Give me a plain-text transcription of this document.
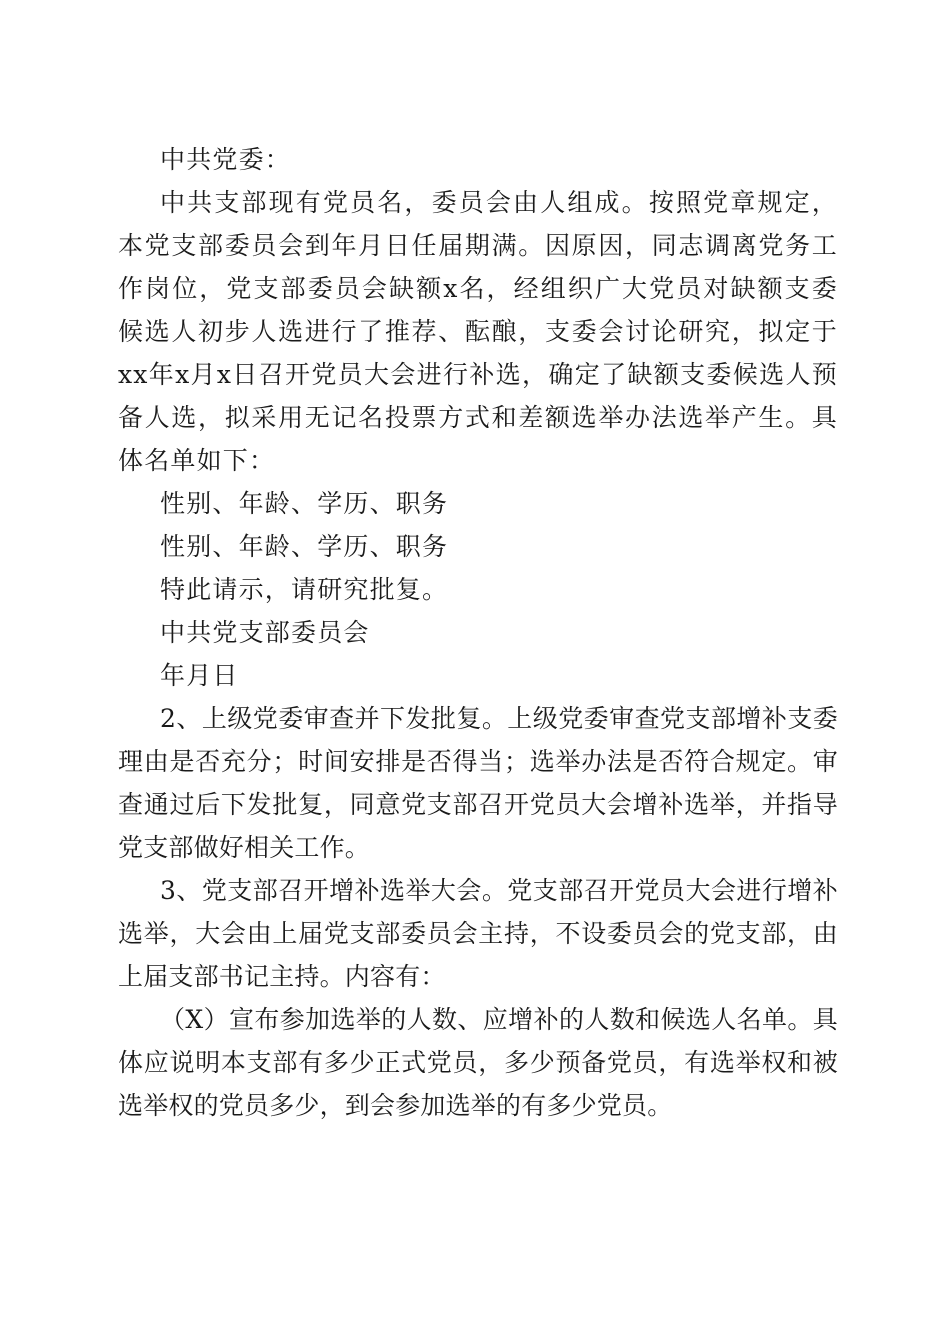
中共党委：

中共支部现有党员名，委员会由人组成。按照党章规定，本党支部委员会到年月日任届期满。因原因，同志调离党务工作岗位，党支部委员会缺额x名，经组织广大党员对缺额支委候选人初步人选进行了推荐、酝酿，支委会讨论研究，拟定于xx年x月x日召开党员大会进行补选，确定了缺额支委候选人预备人选，拟采用无记名投票方式和差额选举办法选举产生。具体名单如下：

性别、年龄、学历、职务

性别、年龄、学历、职务

特此请示，请研究批复。

中共党支部委员会

年月日

2、上级党委审查并下发批复。上级党委审查党支部增补支委理由是否充分；时间安排是否得当；选举办法是否符合规定。审查通过后下发批复，同意党支部召开党员大会增补选举，并指导党支部做好相关工作。

3、党支部召开增补选举大会。党支部召开党员大会进行增补选举，大会由上届党支部委员会主持，不设委员会的党支部，由上届支部书记主持。内容有：

（X）宣布参加选举的人数、应增补的人数和候选人名单。具体应说明本支部有多少正式党员，多少预备党员，有选举权和被选举权的党员多少，到会参加选举的有多少党员。
